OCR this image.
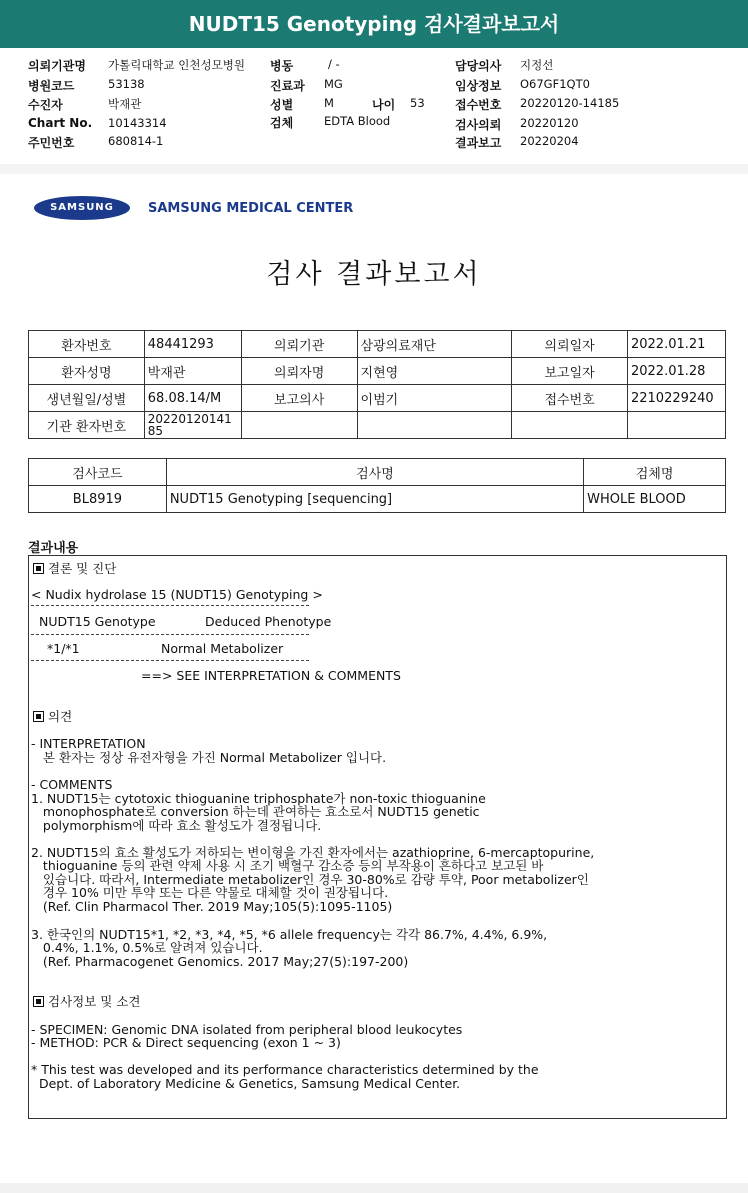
NUDT15 Genotyping 검사결과보고서
의뢰기관명 가톨릭대학교 인천성모병원 병동	/ -	담당의사 지정선
병원코드	53138	진료과 MG	임상정보 O67GF1QT0
수진자	박재관	성별	M	나이 53	접수번호 20220120-14185
Chart No. 10143314	검체	EDTA Blood	검사의뢰 20220120
주민번호	680814-1	결과보고 20220204
SAMSUNG	SAMSUNG MEDICAL CENTER
검사 결과보고서
환자번호	48441293	의뢰기관	삼광의료재단	의뢰일자	2022.01.21
환자성명	박재관	의뢰자명	지현영	보고일자	2022.01.28
생년월일/성별	68.08.14/M	보고의사	이범기	접수번호	2210229240
기관 환자번호	20220120141
85				
검사코드	검사명	검체명
BL8919	NUDT15 Genotyping [sequencing]	WHOLE BLOOD
결과내용
결론 및 진단
< Nudix hydrolase 15 (NUDT15) Genotyping >
NUDT15 Genotype	Deduced Phenotype
*1/*1	Normal Metabolizer
==> SEE INTERPRETATION & COMMENTS
의견
- INTERPRETATION
본 환자는 정상 유전자형을 가진 Normal Metabolizer 입니다.
- COMMENTS
1. NUDT15는 cytotoxic thioguanine triphosphate가 non-toxic thioguanine
monophosphate로 conversion 하는데 관여하는 효소로서 NUDT15 genetic
polymorphism에 따라 효소 활성도가 결정됩니다.
2. NUDT15의 효소 활성도가 저하되는 변이형을 가진 환자에서는 azathioprine, 6-mercaptopurine,
thioguanine 등의 관련 약제 사용 시 조기 백혈구 감소증 등의 부작용이 흔하다고 보고된 바
있습니다. 따라서, Intermediate metabolizer인 경우 30-80%로 감량 투약, Poor metabolizer인
경우 10% 미만 투약 또는 다른 약물로 대체할 것이 권장됩니다.
(Ref. Clin Pharmacol Ther. 2019 May;105(5):1095-1105)
3. 한국인의 NUDT15*1, *2, *3, *4, *5, *6 allele frequency는 각각 86.7%, 4.4%, 6.9%,
0.4%, 1.1%, 0.5%로 알려져 있습니다.
(Ref. Pharmacogenet Genomics. 2017 May;27(5):197-200)
검사정보 및 소견
- SPECIMEN: Genomic DNA isolated from peripheral blood leukocytes
- METHOD: PCR & Direct sequencing (exon 1 ~ 3)
* This test was developed and its performance characteristics determined by the
Dept. of Laboratory Medicine & Genetics, Samsung Medical Center.
